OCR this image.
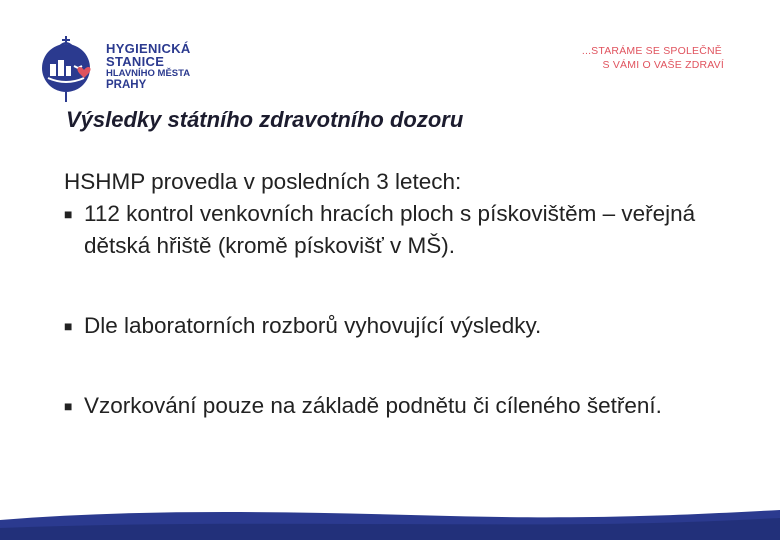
HYGIENICKÁ
STANICE
HLAVNÍHO MĚSTA
PRAHY
...STARÁME SE SPOLEČNĚ
S VÁMI O VAŠE ZDRAVÍ
Výsledky státního zdravotního dozoru

HSHMP provedla v posledních 3 letech:

■ 112 kontrol venkovních hracích ploch s pískovištěm – veřejná dětská hřiště (kromě pískovišť v MŠ).

■ Dle laboratorních rozborů vyhovující výsledky.

■ Vzorkování pouze na základě podnětu či cíleného šetření.
